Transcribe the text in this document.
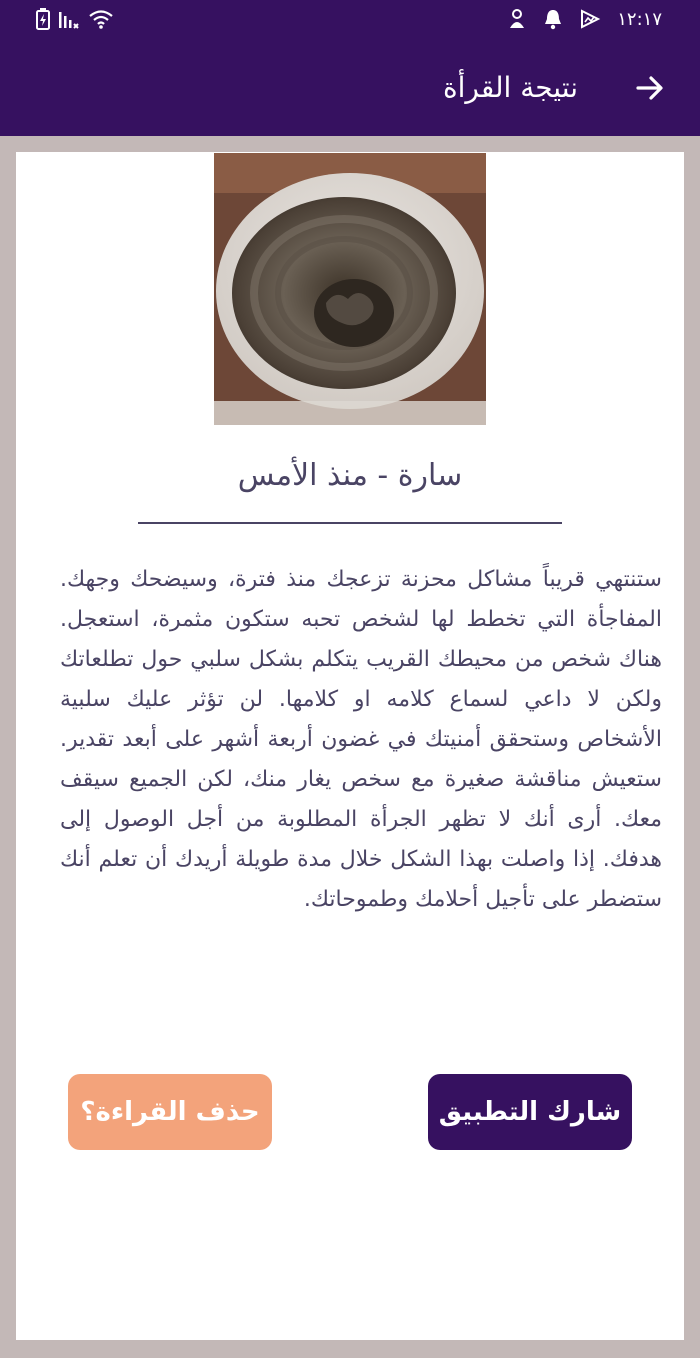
١٢:١٧
نتيجة القرأة
سارة - منذ الأمس
ستنتهي قريباً مشاكل محزنة تزعجك منذ فترة، وسيضحك وجهك. المفاجأة التي تخطط لها لشخص تحبه ستكون مثمرة، استعجل. هناك شخص من محيطك القريب يتكلم بشكل سلبي حول تطلعاتك ولكن لا داعي لسماع كلامه او كلامها. لن تؤثر عليك سلبية الأشخاص وستحقق أمنيتك في غضون أربعة أشهر على أبعد تقدير. ستعيش مناقشة صغيرة مع سخص يغار منك، لكن الجميع سيقف معك. أرى أنك لا تظهر الجرأة المطلوبة من أجل الوصول إلى هدفك. إذا واصلت بهذا الشكل خلال مدة طويلة أريدك أن تعلم أنك ستضطر على تأجيل أحلامك وطموحاتك.
شارك التطبيق
حذف القراءة؟
